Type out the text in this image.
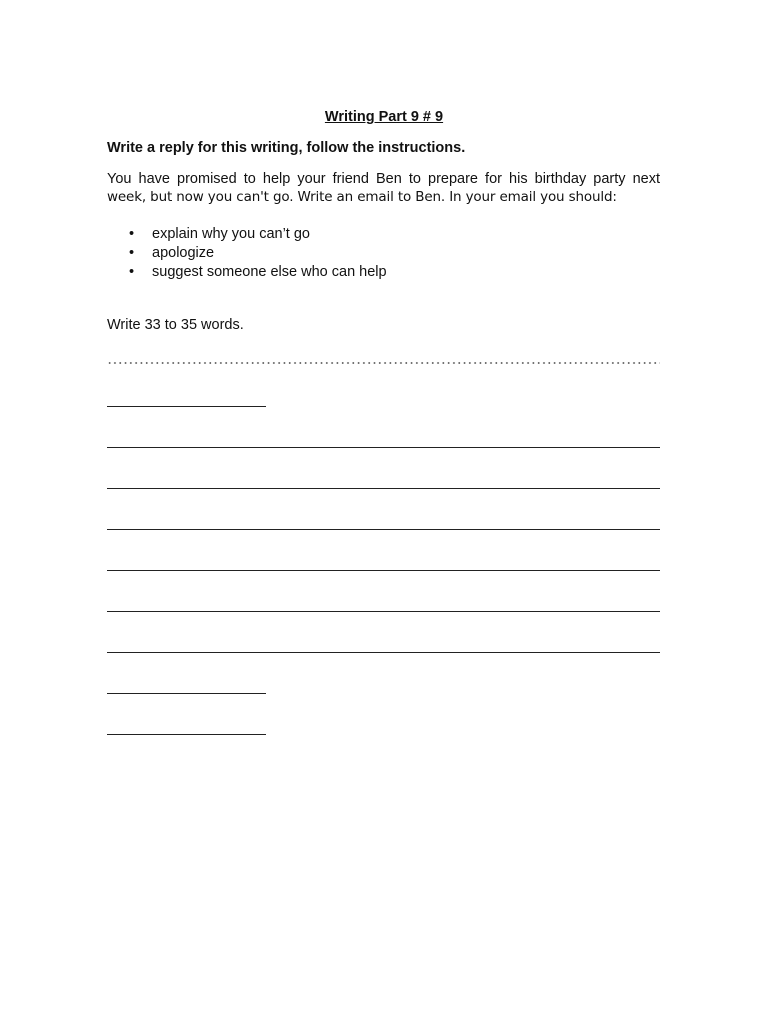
Writing Part 9 # 9
Write a reply for this writing, follow the instructions.
You have promised to help your friend Ben to prepare for his birthday party next
week, but now you can't go. Write an email to Ben. In your email you should:
• explain why you can’t go
• apologize
• suggest someone else who can help
Write 33 to 35 words.
